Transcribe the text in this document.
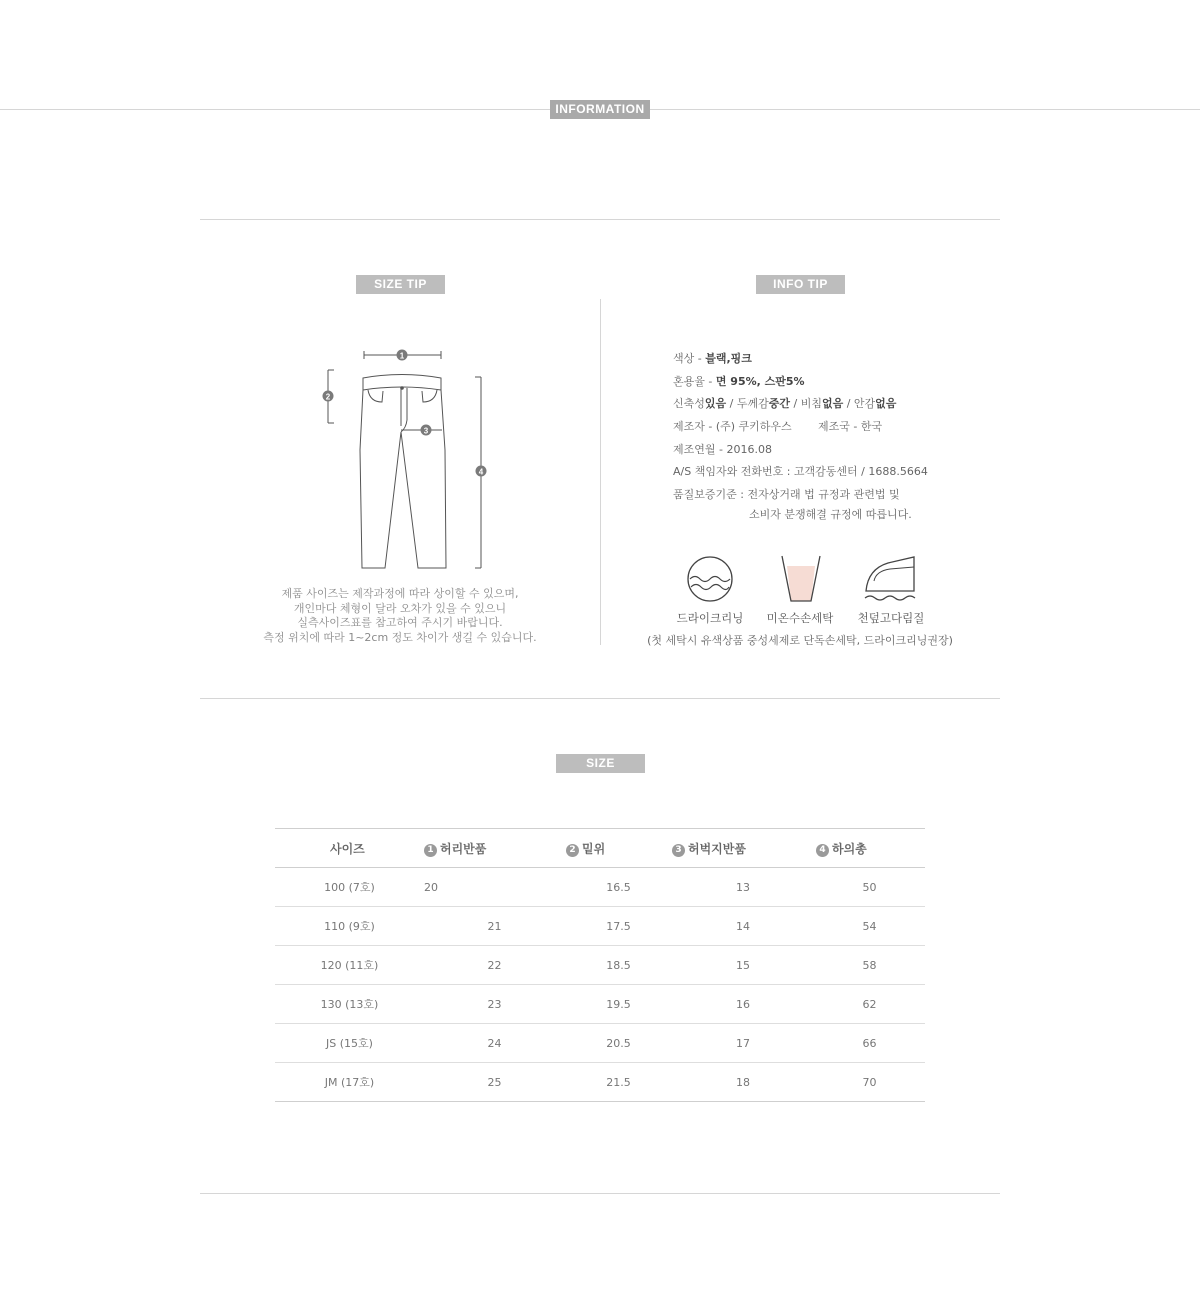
INFORMATION
SIZE TIP
1
2
3
4
제품 사이즈는 제작과정에 따라 상이할 수 있으며,
개인마다 체형이 달라 오차가 있을 수 있으니
실측사이즈표를 참고하여 주시기 바랍니다.
측정 위치에 따라 1~2cm 정도 차이가 생길 수 있습니다.
INFO TIP
색상 - 블랙,핑크
혼용율 - 면 95%, 스판5%
신축성있음 / 두께감중간 / 비침없음 / 안감없음
제조자 - (주) 쿠키하우스 제조국 - 한국
제조연월 - 2016.08
A/S 책임자와 전화번호 : 고객감동센터 / 1688.5664
품질보증기준 : 전자상거래 법 규정과 관련법 및
소비자 분쟁해결 규정에 따릅니다.
드라이크리닝	미온수손세탁	천덮고다림질
(첫 세탁시 유색상품 중성세제로 단독손세탁, 드라이크리닝권장)
SIZE
사이즈	1 허리반품	2 밑위	3 허벅지반품	4 하의총
100 (7호)	20	16.5	13	50
110 (9호)	21	17.5	14	54
120 (11호)	22	18.5	15	58
130 (13호)	23	19.5	16	62
JS (15호)	24	20.5	17	66
JM (17호)	25	21.5	18	70
